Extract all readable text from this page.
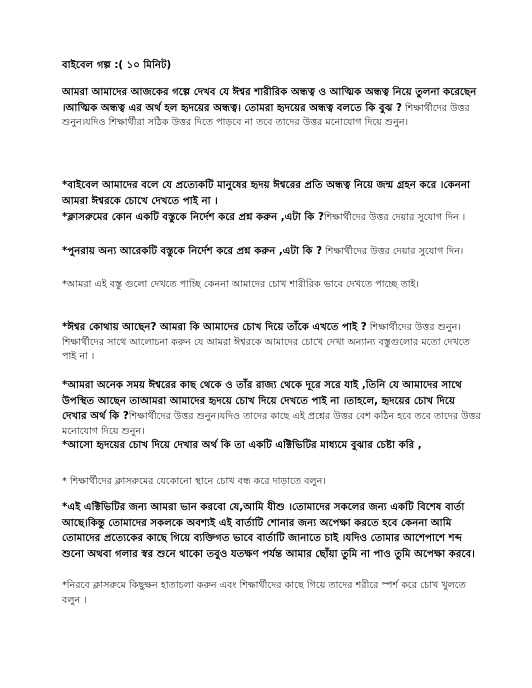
বাইবেল গল্প :( ১০ মিনিট)

আমরা আমাদের আজকের গল্পে দেখব যে ঈশ্বর শারীরিক অন্ধত্ব ও আত্মিক অন্ধত্ব নিয়ে তুলনা করেছেন ।আত্মিক অন্ধত্ব এর অর্থ হল হৃদয়ের অন্ধত্ব। তোমরা হৃদয়ের অন্ধত্ব বলতে কি বুঝ ? শিক্ষার্থীদের উত্তর শুনুন।যদিও শিক্ষার্থীরা সঠিক উত্তর দিতে পাড়বে না তবে তাদের উত্তর মনোযোগ দিয়ে শুনুন।

*বাইবেল আমাদের বলে যে প্রত্যেকটি মানুষের হৃদয় ঈশ্বরের প্রতি অন্ধত্ব নিয়ে জন্ম গ্রহন করে ।কেননা আমরা ঈশ্বরকে চোখে দেখতে পাই না ।

*ক্লাসরুমের কোন একটি বস্তুকে নির্দেশ করে প্রশ্ন করুন ,এটা কি ?শিক্ষার্থীদের উত্তর দেয়ার সুযোগ দিন ।

*পুনরায় অন্য আরেকটি বস্তুকে নির্দেশ করে প্রশ্ন করুন ,এটা কি ? শিক্ষার্থীদের উত্তর দেয়ার সুযোগ দিন।

*আমরা এই বস্তু গুলো দেখতে পাচ্ছি কেননা আমাদের চোখ শারীরিক ভাবে দেখতে পাচ্ছে তাই।

*ঈশ্বর কোথায় আছেন? আমরা কি আমাদের চোখ দিয়ে তাঁকে এখতে পাই ? শিক্ষার্থীদের উত্তর শুনুন।শিক্ষার্থীদের সাথে আলোচনা করুন যে আমরা ঈশ্বরকে আমাদের চোখে দেখা অন্যান্য বস্তুগুলোর মতো দেখতে পাই না ।

*আমরা অনেক সময় ঈশ্বরের কাছ থেকে ও তাঁর রাজ্য থেকে দূরে সরে যাই ,তিনি যে আমাদের সাথে উপস্থিত আছেন তাআমরা আমাদের হৃদয়ে চোখ দিয়ে দেখতে পাই না ।তাহলে, হৃদয়ের চোখ দিয়ে দেখার অর্থ কি ?শিক্ষার্থীদের উত্তর শুনুন।যদিও তাদের কাছে এই প্রশ্নের উত্তর বেশ কঠিন হবে তবে তাদের উত্তর মনোযোগ দিয়ে শুনুন।

*আসো হৃদয়ের চোখ দিয়ে দেখার অর্থ কি তা একটি এক্টিভিটির মাধ্যমে বুঝার চেষ্টা করি ,

* শিক্ষার্থীদের ক্লাসরুমের যেকোনো স্থানে চোখ বন্ধ করে দাড়াতে বলুন।

*এই এক্টিভিটির জন্য আমরা ভান করবো যে,আমি যীশু ।তোমাদের সকলের জন্য একটি বিশেষ বার্তা আছে।কিন্তু তোমাদের সকলকে অবশ্যই এই বার্তাটি শোনার জন্য অপেক্ষা করতে হবে কেননা আমি তোমাদের প্রত্যেকের কাছে গিয়ে ব্যক্তিগত ভাবে বার্তাটি জানাতে চাই ।যদিও তোমার আশেপাশে শব্দ শুনো অথবা গলার স্বর শুনে থাকো তবুও যতক্ষণ পর্যন্ত আমার ছোঁয়া তুমি না পাও তুমি অপেক্ষা করবে।

*নিরবে ক্লাসরুমে কিছুক্ষন হাতাচলা করুন এবং শিক্ষার্থীদের কাছে গিয়ে তাদের শরীরে স্পর্শ করে চোখ খুলতে বলুন ।
